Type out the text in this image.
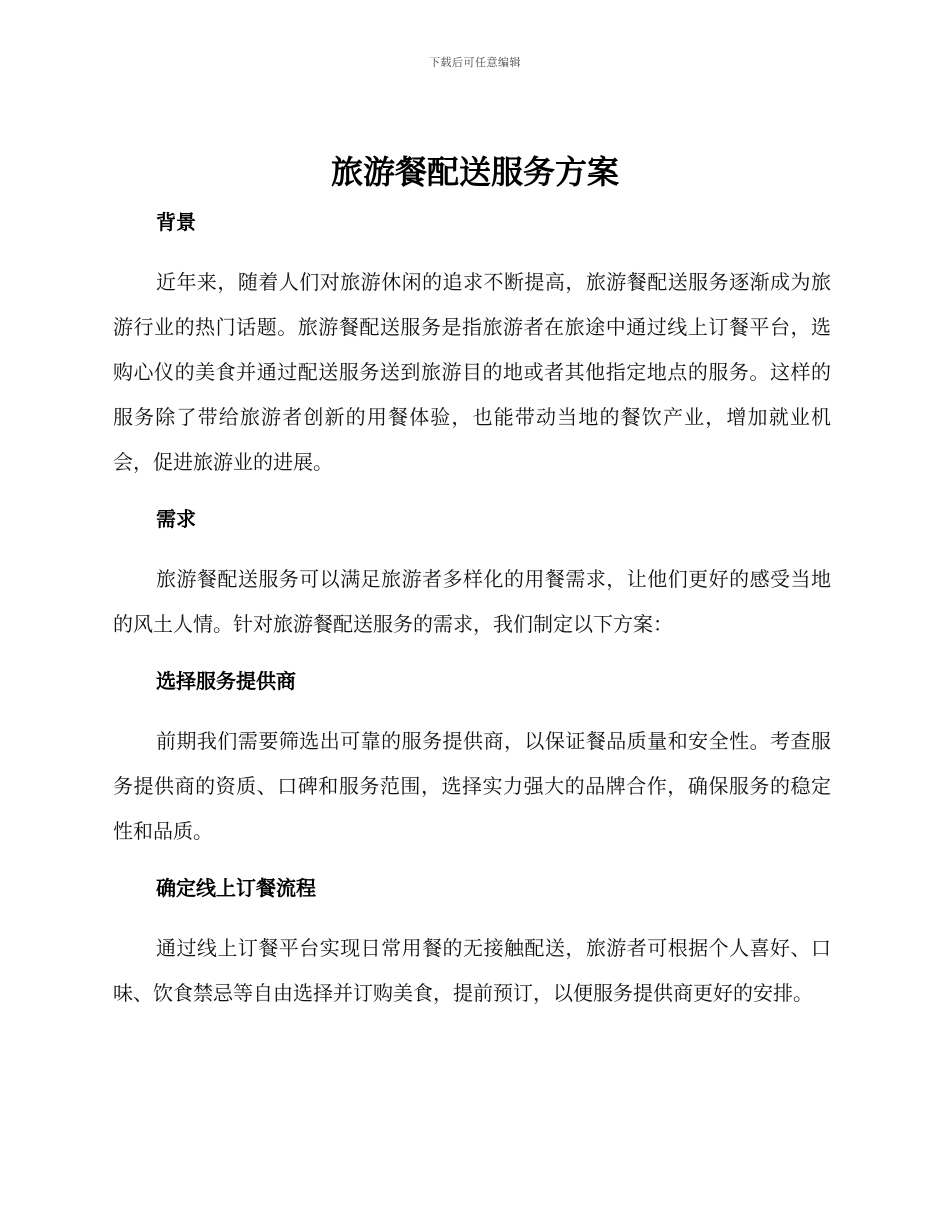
下载后可任意编辑
旅游餐配送服务方案
背景

近年来，随着人们对旅游休闲的追求不断提高，旅游餐配送服务逐渐成为旅游行业的热门话题。旅游餐配送服务是指旅游者在旅途中通过线上订餐平台，选购心仪的美食并通过配送服务送到旅游目的地或者其他指定地点的服务。这样的服务除了带给旅游者创新的用餐体验，也能带动当地的餐饮产业，增加就业机会，促进旅游业的进展。

需求

旅游餐配送服务可以满足旅游者多样化的用餐需求，让他们更好的感受当地的风土人情。针对旅游餐配送服务的需求，我们制定以下方案：

选择服务提供商

前期我们需要筛选出可靠的服务提供商，以保证餐品质量和安全性。考查服务提供商的资质、口碑和服务范围，选择实力强大的品牌合作，确保服务的稳定性和品质。

确定线上订餐流程

通过线上订餐平台实现日常用餐的无接触配送，旅游者可根据个人喜好、口味、饮食禁忌等自由选择并订购美食，提前预订，以便服务提供商更好的安排。
